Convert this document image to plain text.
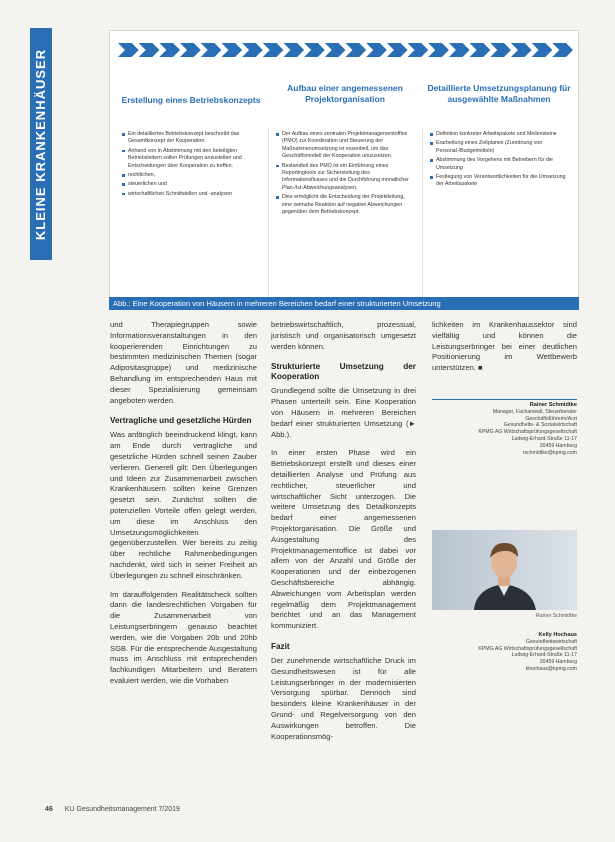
KLEINE KRANKENHÄUSER	Erstellung eines Betriebskonzepts
Aufbau einer angemessenen Projektorganisation
Detaillierte Umsetzungsplanung für ausgewählte Maßnahmen
Ein detailliertes Betriebskonzept beschreibt das Gesamtkonzept der Kooperation.
Anhand von in Abstimmung mit den beteiligten Betriebsleitern sollen Prüfungen anzustellen und Entscheidungen über Kooperation zu treffen.
rechtlichen,
steuerlichen und
wirtschaftlichen Schnittstellen und -analysen
Der Aufbau eines zentralen Projektmanagementoffice (PMO) zur Koordination und Steuerung der Maßnahmenumsetzung ist essentiell, um das Geschäftsmodell der Kooperation umzusetzen.
Bestandteil des PMO ist ein Einführung eines Reportingtools zur Sicherstellung des Informationsflusses und die Durchführung monatlicher Plan-/Ist-Abweichungsanalysen.
Dies ermöglicht die Entscheidung der Projektleitung, eine zeitnahe Reaktion auf negative Abweichungen gegenüber dem Betriebskonzept.
Definition konkreter Arbeitspakete und Meilensteine
Erarbeitung eines Zeitplanes (Zuordnung von Personal-/Budgetmitteln)
Abstimmung des Vorgehens mit Betreibern für die Umsetzung
Festlegung von Verantwortlichkeiten für die Umsetzung der Arbeitspakete
Abb.: Eine Kooperation von Häusern in mehreren Bereichen bedarf einer strukturierten Umsetzung

und Therapiegruppen sowie Informationsveranstaltungen in den kooperierenden Einrichtungen zu bestimmten medizinischen Themen (sogar Adipositasgruppe) und medizinische Behandlung im entsprechenden Haus mit dieser Spezialisierung gemeinsam angeboten werden.

Vertragliche und gesetzliche Hürden

Was anfänglich beeindruckend klingt, kann am Ende durch vertragliche und gesetzliche Hürden schnell seinen Zauber verlieren. Generell gilt: Den Überlegungen und Ideen zur Zusammenarbeit zwischen Krankenhäusern sollten keine Grenzen gesetzt sein. Zunächst sollten die potenziellen Vorteile offen gelegt werden, um diese im Anschluss den Umsetzungsmöglichkeiten gegenüberzustellen. Wer bereits zu zeitig über rechtliche Rahmenbedingungen nachdenkt, wird sich in seiner Freiheit an Überlegungen zu schnell einschränken.

Im darauffolgenden Realitätscheck sollten dann die landesrechtlichen Vorgaben für die Zusammenarbeit von Leistungserbringern genauso beachtet werden, wie die Vorgaben 20b und 20hb SGB. Für die entsprechende Ausgestaltung muss im Anschluss mit entsprechenden fachkundigen Mitarbeitern und Beratern evaluiert werden, wie die Vorhaben

betriebswirtschaftlich, prozessual, juristisch und organisatorisch umgesetzt werden können.

Strukturierte Umsetzung der Kooperation

Grundlegend sollte die Umsetzung in drei Phasen unterteilt sein. Eine Kooperation von Häusern in mehreren Bereichen bedarf einer strukturierten Umsetzung (► Abb.).

In einer ersten Phase wird ein Betriebskonzept erstellt und dieses einer detaillierten Analyse und Prüfung aus rechtlicher, steuerlicher und wirtschaftlicher Sicht unterzogen. Die weitere Umsetzung des Detailkonzepts bedarf einer angemessenen Projektorganisation. Die Größe und Ausgestaltung des Projektmanagementoffice ist dabei vor allem von der Anzahl und Größe der Kooperationen und der einbezogenen Geschäftsbereiche abhängig. Abweichungen vom Arbeitsplan werden regelmäßig dem Projektmanagement berichtet und an das Management kommuniziert.

Fazit

Der zunehmende wirtschaftliche Druck im Gesundheitswesen ist für alle Leistungserbringer in der modernisierten Versorgung spürbar. Dennoch sind besonders kleine Krankenhäuser in der Grund- und Regelversorgung von den Auswirkungen betroffen. Die Kooperationsmög-

lichkeiten im Krankenhaussektor sind vielfältig und können die Leistungserbringer bei einer deutlichen Positionierung im Wettbewerb unterstützen. ■

Rainer Schmidtke
Manager, Fachanwalt, Steuerberater
Geschäftsführerin/Arzt
Gesundheits- & Sozialwirtschaft
KPMG AG Wirtschaftsprüfungsgesellschaft
Ludwig-Erhard-Straße 11-17
20459 Hamburg
rschmidtke@kpmg.com
Rainer Schmidtke
Kelly Hochaus
Gesundheitswirtschaft
KPMG AG Wirtschaftsprüfungsgesellschaft
Ludwig-Erhard-Straße 11-17
20459 Hamburg
khochaus@kpmg.com
46 KU Gesundheitsmanagement 7/2019
